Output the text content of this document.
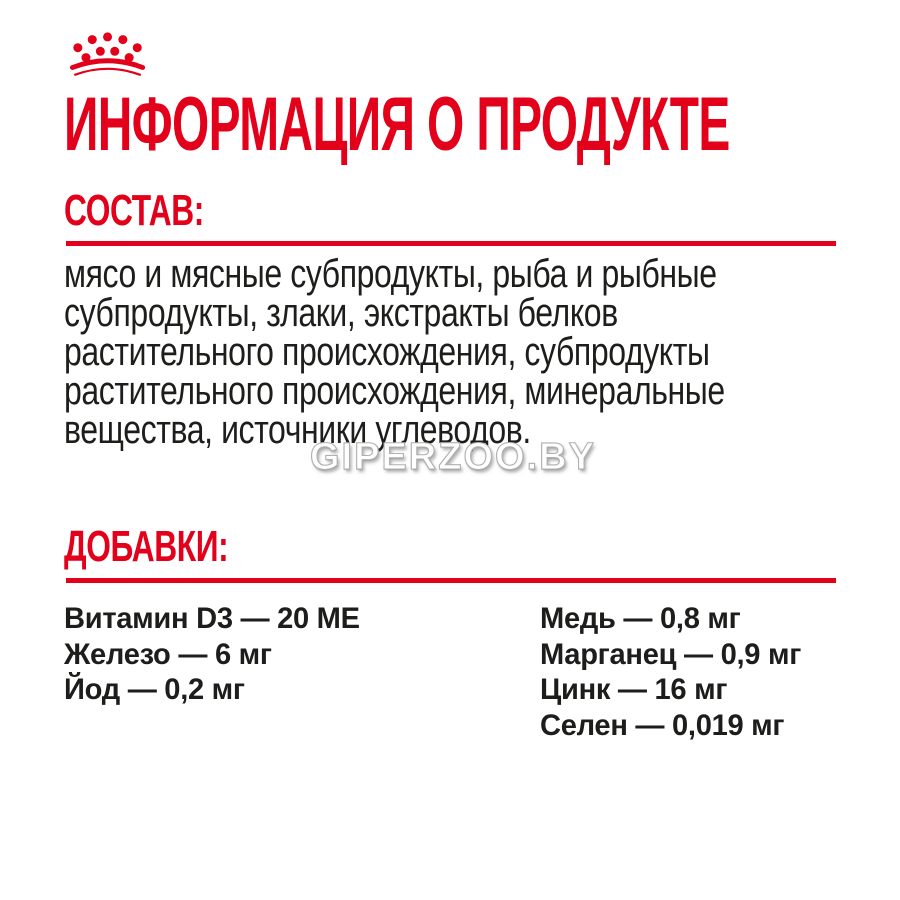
ИНФОРМАЦИЯ О ПРОДУКТЕ
СОСТАВ:
мясо и мясные субпродукты, рыба и рыбные
субпродукты, злаки, экстракты белков
растительного происхождения, субпродукты
растительного происхождения, минеральные
вещества, источники углеводов.
GIPERZOO.BY
ДОБАВКИ:
Витамин D3 — 20 МЕ
Железо — 6 мг
Йод — 0,2 мг
Медь — 0,8 мг
Марганец — 0,9 мг
Цинк — 16 мг
Селен — 0,019 мг
